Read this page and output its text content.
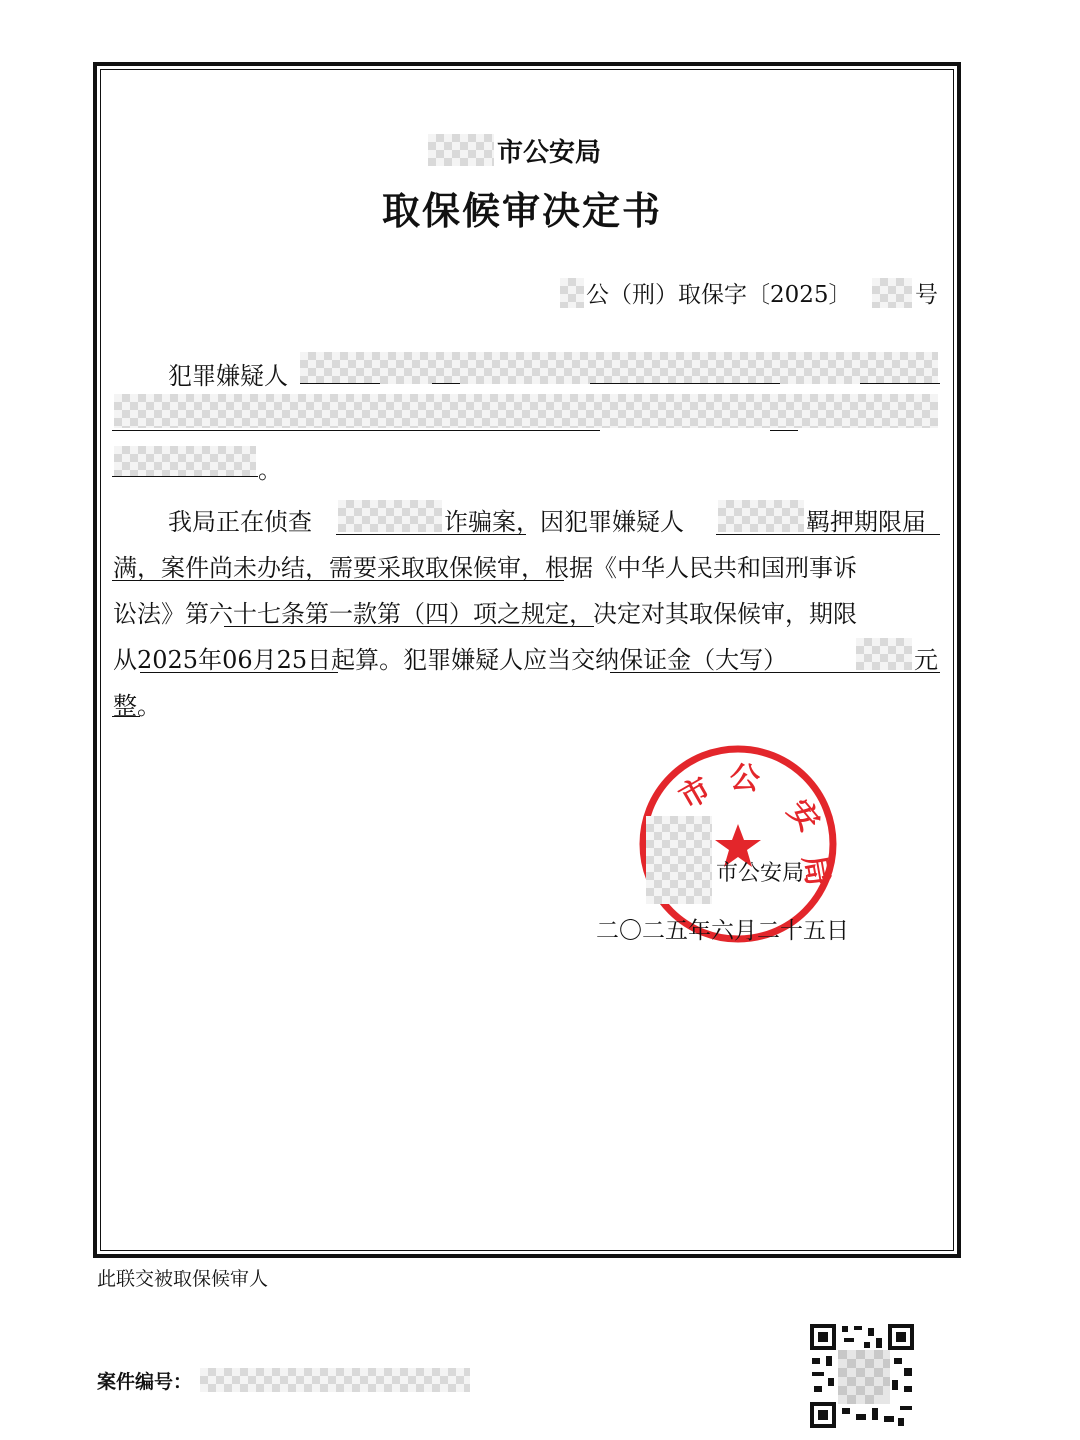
市公安局
取保候审决定书
公（刑）取保字〔2025〕	号
犯罪嫌疑人
。
我局正在侦查	诈骗案，因犯罪嫌疑人	羁押期限届
满，案件尚未办结，需要采取取保候审，根据《中华人民共和国刑事诉
讼法》第六十七条第一款第（四）项之规定，决定对其取保候审，期限
从2025年06月25日起算。犯罪嫌疑人应当交纳保证金（大写）	元
整。
市 公
安
局
市公安局
二〇二五年六月二十五日
此联交被取保候审人
案件编号：
